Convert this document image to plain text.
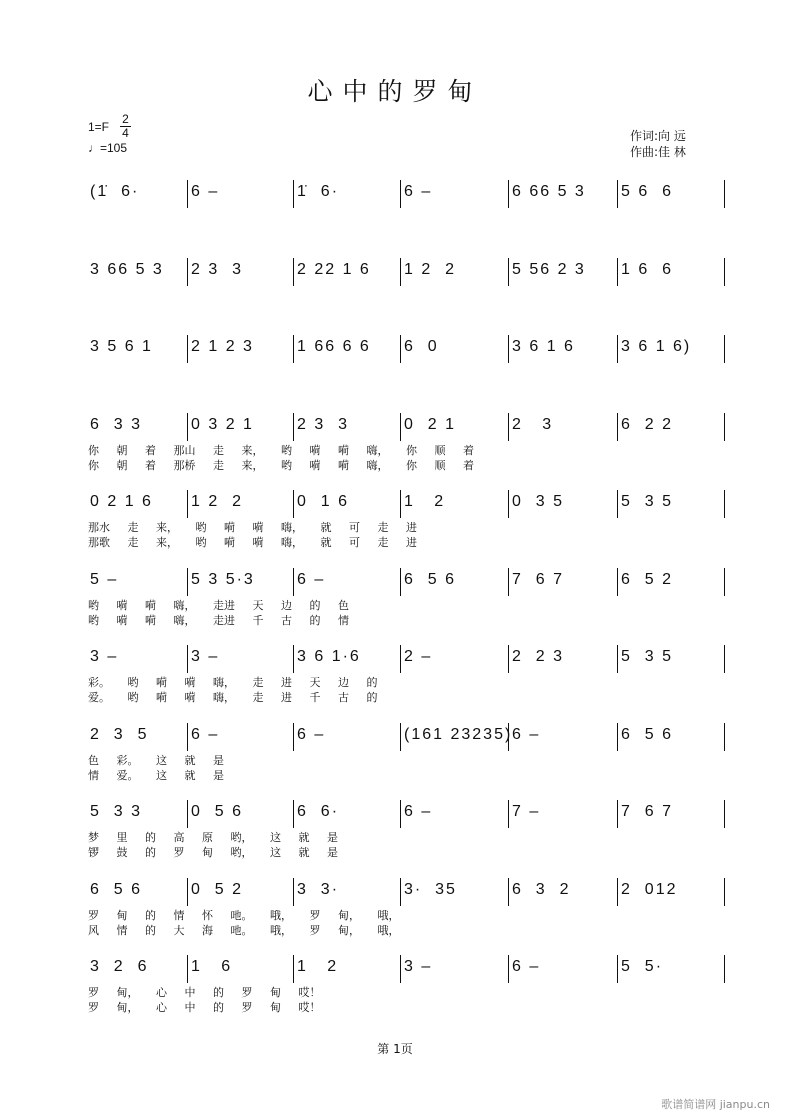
心中的罗甸
1=F
2
4
♩=105
作词:向 远
作曲:佳 林
(1̇  6·	6 –	1̇  6·	6 –	6 66 5 3	5 6  6
3 66 5 3	2 3  3	2 22 1 6	1 2  2	5 56 2 3	1 6  6
3 5 6 1	2 1 2 3	1 66 6 6	6  0	3 6 1 6	3 6 1 6)
6  3 3	0 3 2 1	2 3  3	0  2 1	2   3	6  2 2
你 朝 着 那山 走 来， 哟 嗬 嗬 嗨， 你 顺 着
你 朝 着 那桥 走 来， 哟 嗬 嗬 嗨， 你 顺 着
0 2 1 6	1 2  2	0  1 6	1   2	0  3 5	5  3 5
那水 走 来， 哟 嗬 嗬 嗨， 就 可 走 进
那歌 走 来， 哟 嗬 嗬 嗨， 就 可 走 进
5 –	5 3 5·3	6 –	6  5 6	7  6 7	6  5 2
哟 嗬 嗬 嗨， 走进 天 边 的 色
哟 嗬 嗬 嗨， 走进 千 古 的 情
3 –	3 –	3 6 1·6	2 –	2  2 3	5  3 5
彩。 哟 嗬 嗬 嗨， 走 进 天 边 的
爱。 哟 嗬 嗬 嗨， 走 进 千 古 的
2  3  5	6 –	6 –	(161 23235) 6 –	6  5 6
色 彩。 这 就 是
情 爱。 这 就 是
5  3 3	0  5 6	6  6·	6 –	7 –	7  6 7
梦 里 的 高 原 哟， 这 就 是
锣 鼓 的 罗 甸 哟， 这 就 是
6  5 6	0  5 2	3  3·	3·  35	6  3  2	2  012
罗 甸 的 情 怀 吔。 哦， 罗 甸， 哦，
风 情 的 大 海 吔。 哦， 罗 甸， 哦，
3  2  6	1   6	1   2	3 –	6 –	5  5·
罗 甸， 心 中 的 罗 甸 哎！
罗 甸， 心 中 的 罗 甸 哎！
第 1页
歌谱简谱网 jianpu.cn
